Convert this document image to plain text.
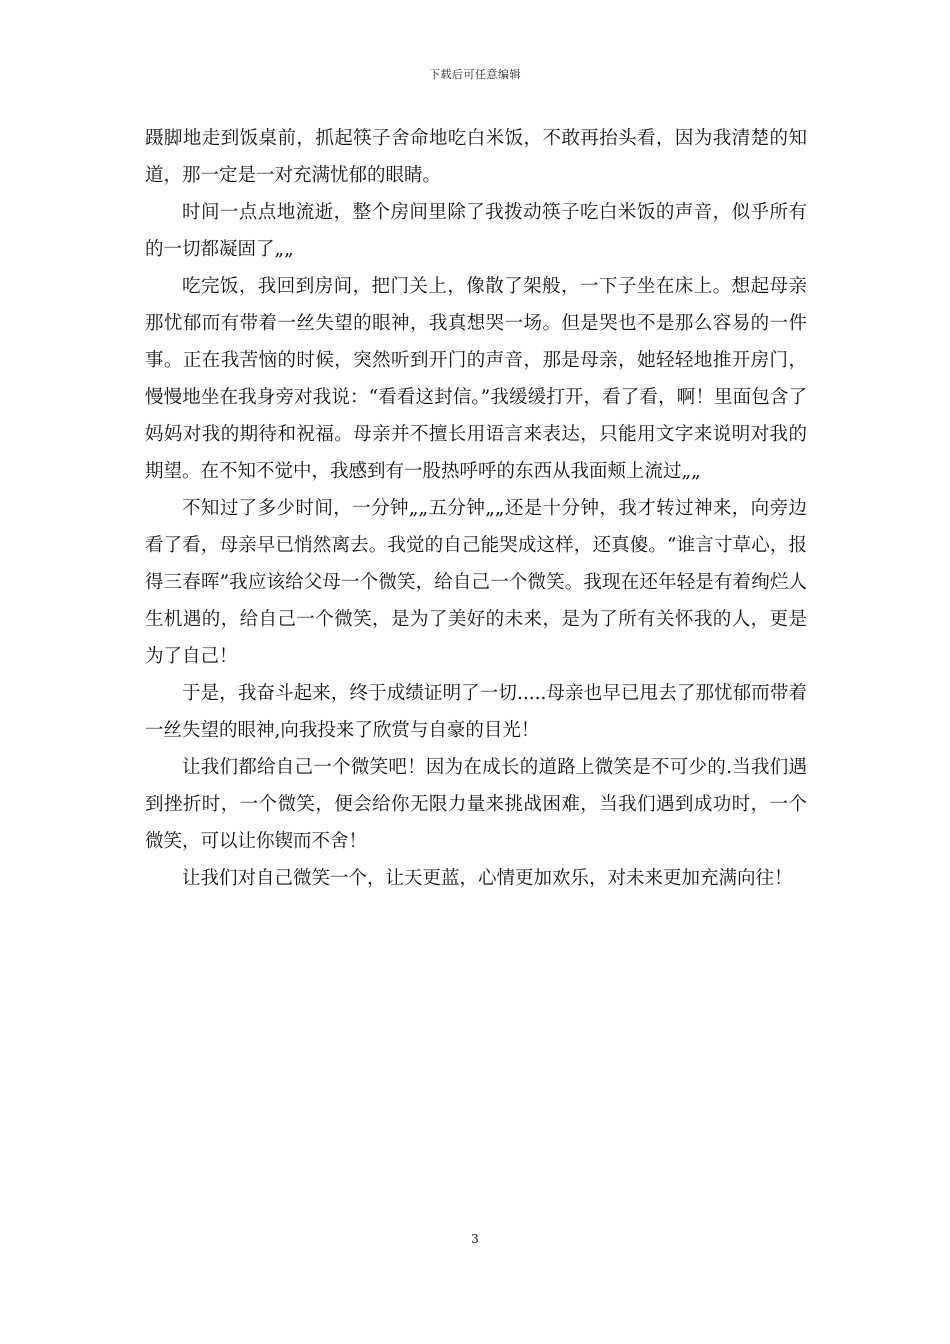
下载后可任意编辑

蹑脚地走到饭桌前，抓起筷子舍命地吃白米饭，不敢再抬头看，因为我清楚的知道，那一定是一对充满忧郁的眼睛。

时间一点点地流逝，整个房间里除了我拨动筷子吃白米饭的声音，似乎所有的一切都凝固了„„

吃完饭，我回到房间，把门关上，像散了架般，一下子坐在床上。想起母亲那忧郁而有带着一丝失望的眼神，我真想哭一场。但是哭也不是那么容易的一件事。正在我苦恼的时候，突然听到开门的声音，那是母亲，她轻轻地推开房门，慢慢地坐在我身旁对我说：“看看这封信。”我缓缓打开，看了看，啊！里面包含了妈妈对我的期待和祝福。母亲并不擅长用语言来表达，只能用文字来说明对我的期望。在不知不觉中，我感到有一股热呼呼的东西从我面颊上流过„„

不知过了多少时间，一分钟„„五分钟„„还是十分钟，我才转过神来，向旁边看了看，母亲早已悄然离去。我觉的自己能哭成这样，还真傻。“谁言寸草心，报得三春晖”我应该给父母一个微笑，给自己一个微笑。我现在还年轻是有着绚烂人生机遇的，给自己一个微笑，是为了美好的未来，是为了所有关怀我的人，更是为了自己！

于是，我奋斗起来，终于成绩证明了一切.....母亲也早已甩去了那忧郁而带着一丝失望的眼神,向我投来了欣赏与自豪的目光！

让我们都给自己一个微笑吧！因为在成长的道路上微笑是不可少的.当我们遇到挫折时，一个微笑，便会给你无限力量来挑战困难，当我们遇到成功时，一个微笑，可以让你锲而不舍！

让我们对自己微笑一个，让天更蓝，心情更加欢乐，对未来更加充满向往！

3
